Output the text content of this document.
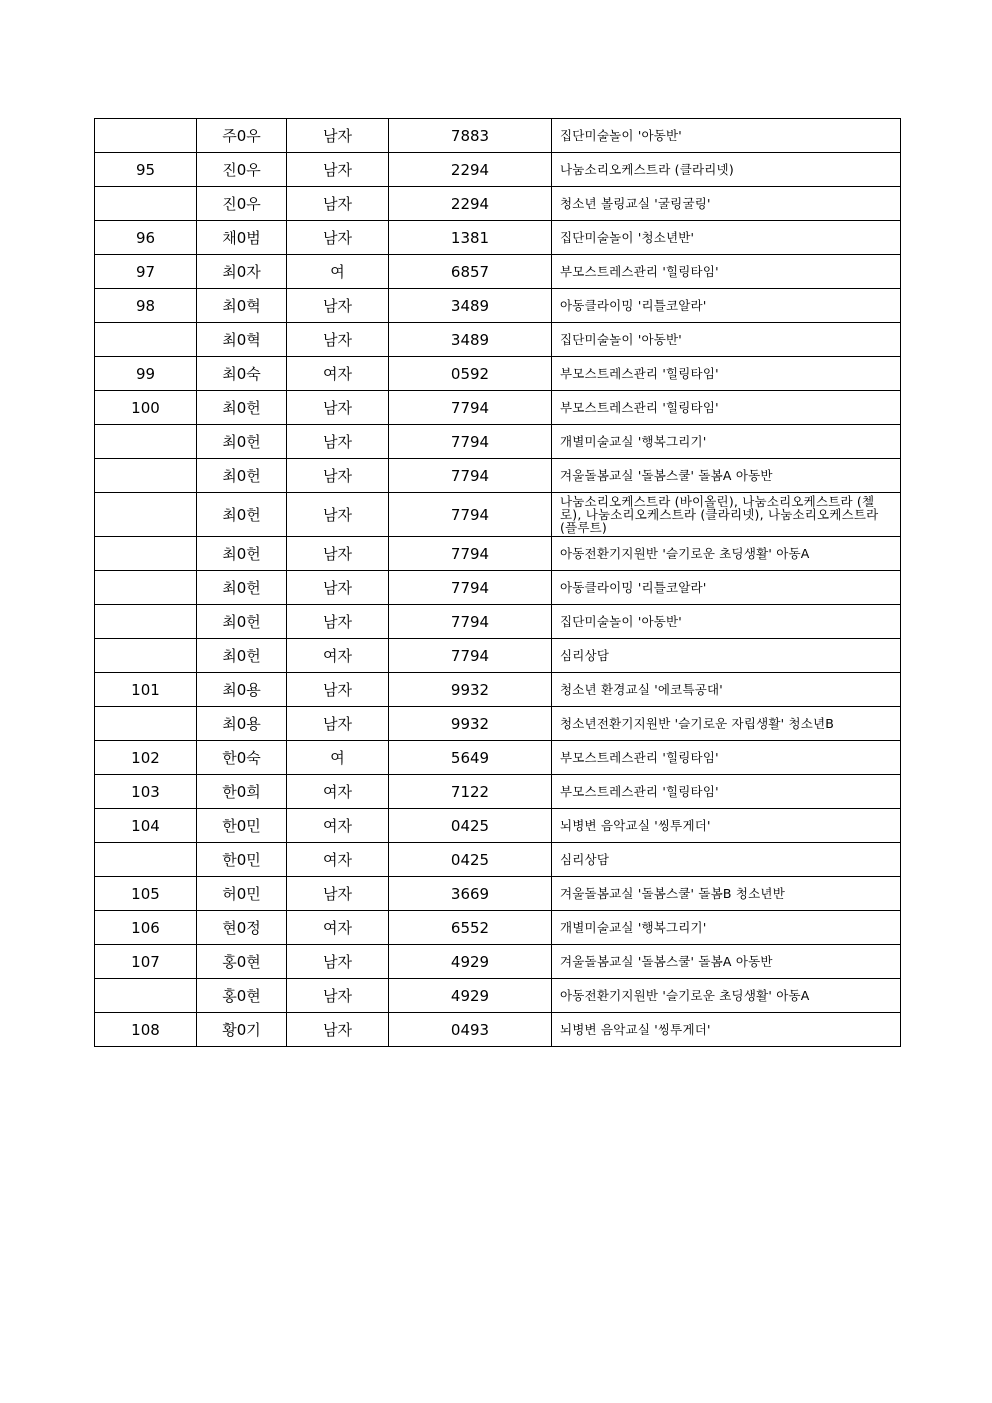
	주0우	남자	7883	집단미술놀이 '아동반'
95	진0우	남자	2294	나눔소리오케스트라 (클라리넷)
	진0우	남자	2294	청소년 볼링교실 '굴링굴링'
96	채0범	남자	1381	집단미술놀이 '청소년반'
97	최0자	여	6857	부모스트레스관리 '힐링타임'
98	최0혁	남자	3489	아동클라이밍 '리틀코알라'
	최0혁	남자	3489	집단미술놀이 '아동반'
99	최0숙	여자	0592	부모스트레스관리 '힐링타임'
100	최0헌	남자	7794	부모스트레스관리 '힐링타임'
	최0헌	남자	7794	개별미술교실 '행복그리기'
	최0헌	남자	7794	겨울돌봄교실 '돌봄스쿨' 돌봄A 아동반
	최0헌	남자	7794	나눔소리오케스트라 (바이올린), 나눔소리오케스트라 (첼로), 나눔소리오케스트라 (클라리넷), 나눔소리오케스트라 (플루트)
	최0헌	남자	7794	아동전환기지원반 '슬기로운 초딩생활' 아동A
	최0헌	남자	7794	아동클라이밍 '리틀코알라'
	최0헌	남자	7794	집단미술놀이 '아동반'
	최0헌	여자	7794	심리상담
101	최0용	남자	9932	청소년 환경교실 '에코특공대'
	최0용	남자	9932	청소년전환기지원반 '슬기로운 자립생활' 청소년B
102	한0숙	여	5649	부모스트레스관리 '힐링타임'
103	한0희	여자	7122	부모스트레스관리 '힐링타임'
104	한0민	여자	0425	뇌병변 음악교실 '씽투게더'
	한0민	여자	0425	심리상담
105	허0민	남자	3669	겨울돌봄교실 '돌봄스쿨' 돌봄B 청소년반
106	현0정	여자	6552	개별미술교실 '행복그리기'
107	홍0현	남자	4929	겨울돌봄교실 '돌봄스쿨' 돌봄A 아동반
	홍0현	남자	4929	아동전환기지원반 '슬기로운 초딩생활' 아동A
108	황0기	남자	0493	뇌병변 음악교실 '씽투게더'
